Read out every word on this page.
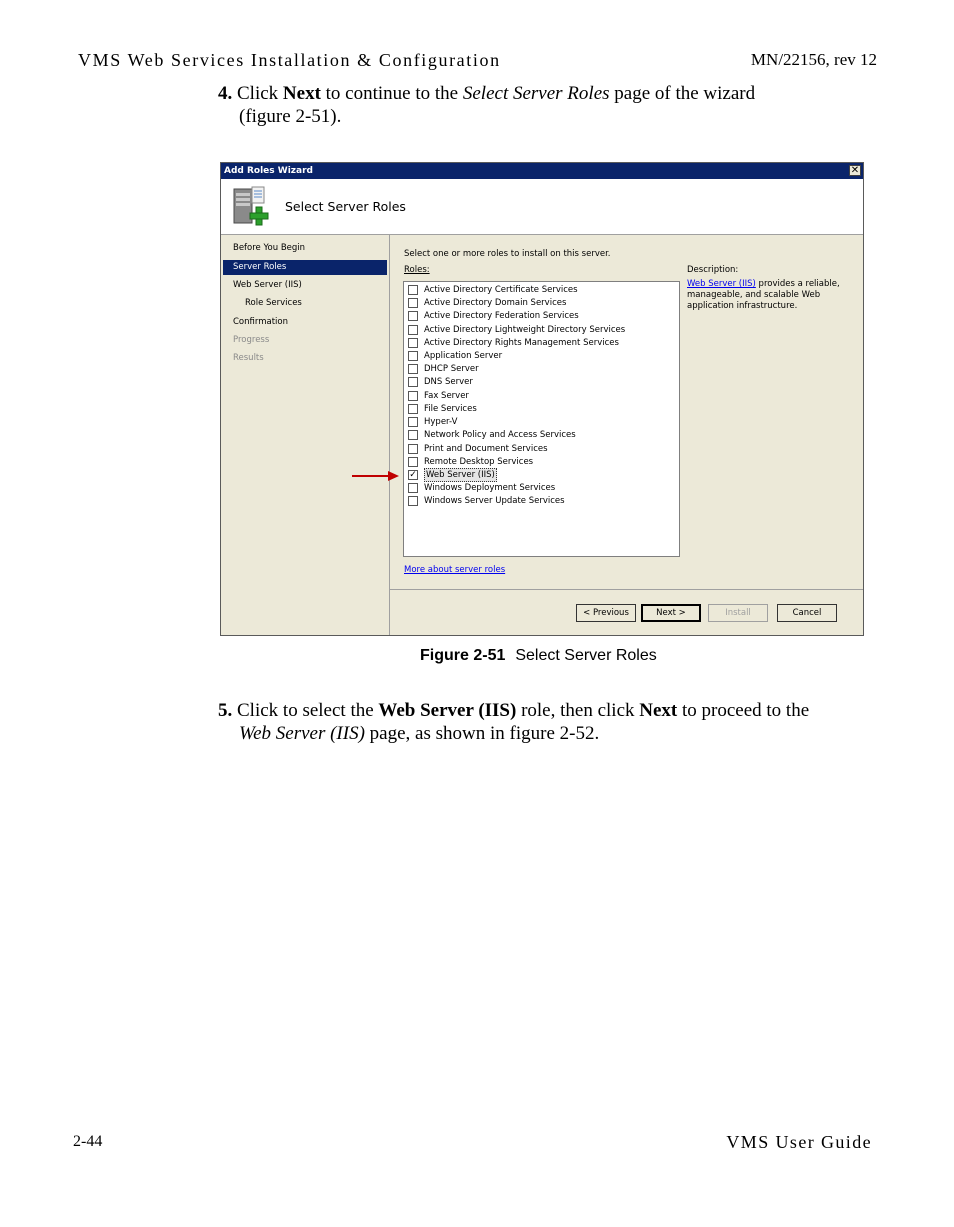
VMS Web Services Installation & Configuration	MN/22156, rev 12
4. Click Next to continue to the Select Server Roles page of the wizard
(figure 2-51).
Add Roles Wizard	✕
Select Server Roles
Before You Begin
Server Roles
Web Server (IIS)
Role Services
Confirmation
Progress
Results
Select one or more roles to install on this server.
Roles:
Active Directory Certificate Services
Active Directory Domain Services
Active Directory Federation Services
Active Directory Lightweight Directory Services
Active Directory Rights Management Services
Application Server
DHCP Server
DNS Server
Fax Server
File Services
Hyper-V
Network Policy and Access Services
Print and Document Services
Remote Desktop Services
✓ Web Server (IIS)
Windows Deployment Services
Windows Server Update Services
Description:
Web Server (IIS) provides a reliable, manageable, and scalable Web application infrastructure.
More about server roles
< Previous	Next >	Install	Cancel
Figure 2-51 Select Server Roles
5. Click to select the Web Server (IIS) role, then click Next to proceed to the
Web Server (IIS) page, as shown in figure 2-52.
2-44	VMS User Guide
